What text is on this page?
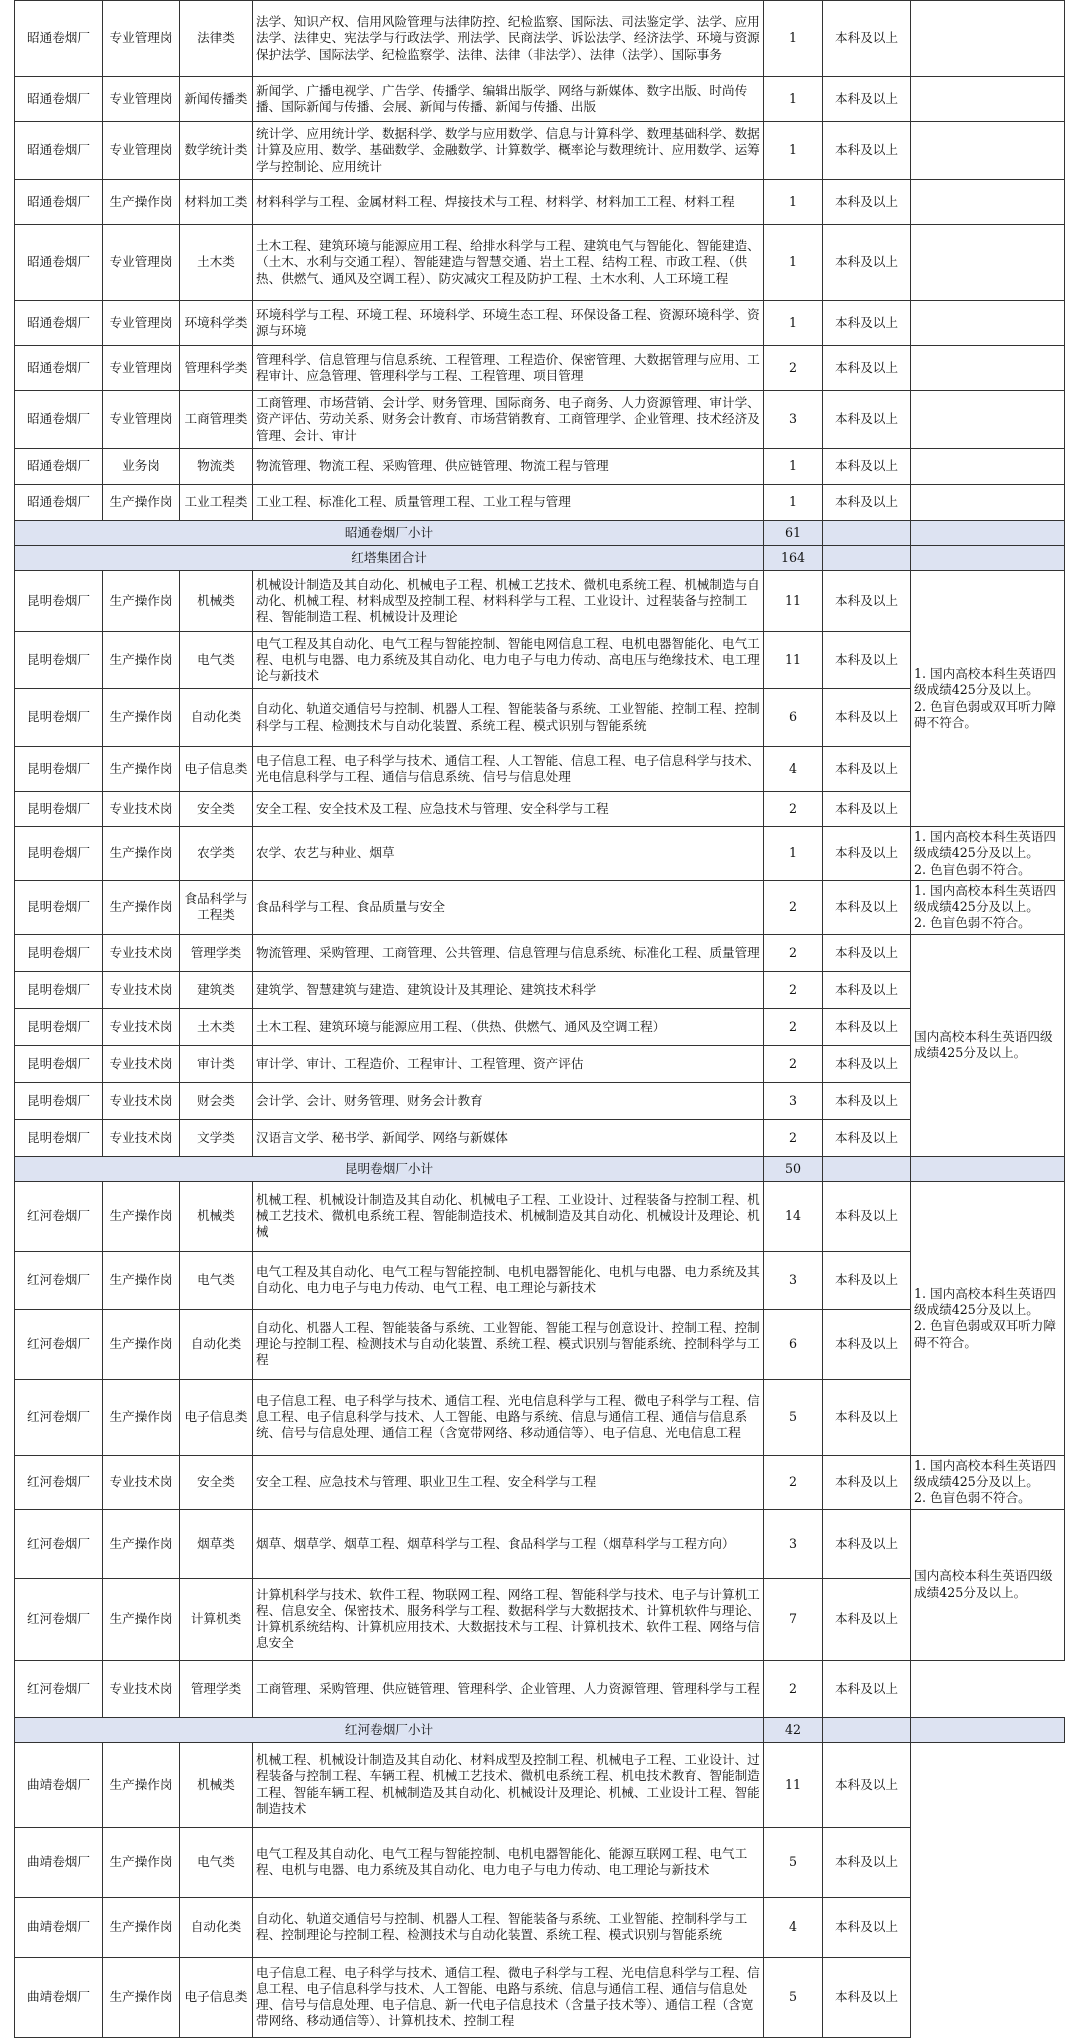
昭通卷烟厂	专业管理岗	法律类	法学、知识产权、信用风险管理与法律防控、纪检监察、国际法、司法鉴定学、法学、应用法学、法律史、宪法学与行政法学、刑法学、民商法学、诉讼法学、经济法学、环境与资源保护法学、国际法学、纪检监察学、法律、法律（非法学）、法律（法学）、国际事务	1	本科及以上	
昭通卷烟厂	专业管理岗	新闻传播类	新闻学、广播电视学、广告学、传播学、编辑出版学、网络与新媒体、数字出版、时尚传播、国际新闻与传播、会展、新闻与传播、新闻与传播、出版	1	本科及以上	
昭通卷烟厂	专业管理岗	数学统计类	统计学、应用统计学、数据科学、数学与应用数学、信息与计算科学、数理基础科学、数据计算及应用、数学、基础数学、金融数学、计算数学、概率论与数理统计、应用数学、运筹学与控制论、应用统计	1	本科及以上	
昭通卷烟厂	生产操作岗	材料加工类	材料科学与工程、金属材料工程、焊接技术与工程、材料学、材料加工工程、材料工程	1	本科及以上	
昭通卷烟厂	专业管理岗	土木类	土木工程、建筑环境与能源应用工程、给排水科学与工程、建筑电气与智能化、智能建造、（土木、水利与交通工程）、智能建造与智慧交通、岩土工程、结构工程、市政工程、（供热、供燃气、通风及空调工程）、防灾减灾工程及防护工程、土木水利、人工环境工程	1	本科及以上	
昭通卷烟厂	专业管理岗	环境科学类	环境科学与工程、环境工程、环境科学、环境生态工程、环保设备工程、资源环境科学、资源与环境	1	本科及以上	
昭通卷烟厂	专业管理岗	管理科学类	管理科学、信息管理与信息系统、工程管理、工程造价、保密管理、大数据管理与应用、工程审计、应急管理、管理科学与工程、工程管理、项目管理	2	本科及以上	
昭通卷烟厂	专业管理岗	工商管理类	工商管理、市场营销、会计学、财务管理、国际商务、电子商务、人力资源管理、审计学、资产评估、劳动关系、财务会计教育、市场营销教育、工商管理学、企业管理、技术经济及管理、会计、审计	3	本科及以上	
昭通卷烟厂	业务岗	物流类	物流管理、物流工程、采购管理、供应链管理、物流工程与管理	1	本科及以上	
昭通卷烟厂	生产操作岗	工业工程类	工业工程、标准化工程、质量管理工程、工业工程与管理	1	本科及以上	
昭通卷烟厂小计				61		
红塔集团合计				164		
昆明卷烟厂	生产操作岗	机械类	机械设计制造及其自动化、机械电子工程、机械工艺技术、微机电系统工程、机械制造与自动化、机械工程、材料成型及控制工程、材料科学与工程、工业设计、过程装备与控制工程、智能制造工程、机械设计及理论	11	本科及以上	1. 国内高校本科生英语四级成绩425分及以上。
2. 色盲色弱或双耳听力障碍不符合。

昆明卷烟厂	生产操作岗	电气类	电气工程及其自动化、电气工程与智能控制、智能电网信息工程、电机电器智能化、电气工程、电机与电器、电力系统及其自动化、电力电子与电力传动、高电压与绝缘技术、电工理论与新技术	11	本科及以上	
昆明卷烟厂	生产操作岗	自动化类	自动化、轨道交通信号与控制、机器人工程、智能装备与系统、工业智能、控制工程、控制科学与工程、检测技术与自动化装置、系统工程、模式识别与智能系统	6	本科及以上	
昆明卷烟厂	生产操作岗	电子信息类	电子信息工程、电子科学与技术、通信工程、人工智能、信息工程、电子信息科学与技术、光电信息科学与工程、通信与信息系统、信号与信息处理	4	本科及以上	
昆明卷烟厂	专业技术岗	安全类	安全工程、安全技术及工程、应急技术与管理、安全科学与工程	2	本科及以上	
昆明卷烟厂	生产操作岗	农学类	农学、农艺与种业、烟草	1	本科及以上	1. 国内高校本科生英语四级成绩425分及以上。
2. 色盲色弱不符合。

昆明卷烟厂	生产操作岗	食品科学与工程类	食品科学与工程、食品质量与安全	2	本科及以上	1. 国内高校本科生英语四级成绩425分及以上。
2. 色盲色弱不符合。

昆明卷烟厂	专业技术岗	管理学类	物流管理、采购管理、工商管理、公共管理、信息管理与信息系统、标准化工程、质量管理	2	本科及以上	国内高校本科生英语四级成绩425分及以上。

昆明卷烟厂	专业技术岗	建筑类	建筑学、智慧建筑与建造、建筑设计及其理论、建筑技术科学	2	本科及以上	
昆明卷烟厂	专业技术岗	土木类	土木工程、建筑环境与能源应用工程、（供热、供燃气、通风及空调工程）	2	本科及以上	
昆明卷烟厂	专业技术岗	审计类	审计学、审计、工程造价、工程审计、工程管理、资产评估	2	本科及以上	
昆明卷烟厂	专业技术岗	财会类	会计学、会计、财务管理、财务会计教育	3	本科及以上	
昆明卷烟厂	专业技术岗	文学类	汉语言文学、秘书学、新闻学、网络与新媒体	2	本科及以上	
昆明卷烟厂小计				50		
红河卷烟厂	生产操作岗	机械类	机械工程、机械设计制造及其自动化、机械电子工程、工业设计、过程装备与控制工程、机械工艺技术、微机电系统工程、智能制造技术、机械制造及其自动化、机械设计及理论、机械	14	本科及以上	1. 国内高校本科生英语四级成绩425分及以上。
2. 色盲色弱或双耳听力障碍不符合。

红河卷烟厂	生产操作岗	电气类	电气工程及其自动化、电气工程与智能控制、电机电器智能化、电机与电器、电力系统及其自动化、电力电子与电力传动、电气工程、电工理论与新技术	3	本科及以上	
红河卷烟厂	生产操作岗	自动化类	自动化、机器人工程、智能装备与系统、工业智能、智能工程与创意设计、控制工程、控制理论与控制工程、检测技术与自动化装置、系统工程、模式识别与智能系统、控制科学与工程	6	本科及以上	
红河卷烟厂	生产操作岗	电子信息类	电子信息工程、电子科学与技术、通信工程、光电信息科学与工程、微电子科学与工程、信息工程、电子信息科学与技术、人工智能、电路与系统、信息与通信工程、通信与信息系统、信号与信息处理、通信工程（含宽带网络、移动通信等）、电子信息、光电信息工程	5	本科及以上	
红河卷烟厂	专业技术岗	安全类	安全工程、应急技术与管理、职业卫生工程、安全科学与工程	2	本科及以上	1. 国内高校本科生英语四级成绩425分及以上。
2. 色盲色弱不符合。

红河卷烟厂	生产操作岗	烟草类	烟草、烟草学、烟草工程、烟草科学与工程、食品科学与工程（烟草科学与工程方向）	3	本科及以上	国内高校本科生英语四级成绩425分及以上。

红河卷烟厂	生产操作岗	计算机类	计算机科学与技术、软件工程、物联网工程、网络工程、智能科学与技术、电子与计算机工程、信息安全、保密技术、服务科学与工程、数据科学与大数据技术、计算机软件与理论、计算机系统结构、计算机应用技术、大数据技术与工程、计算机技术、软件工程、网络与信息安全	7	本科及以上	
红河卷烟厂	专业技术岗	管理学类	工商管理、采购管理、供应链管理、管理科学、企业管理、人力资源管理、管理科学与工程	2	本科及以上	
红河卷烟厂小计				42		
曲靖卷烟厂	生产操作岗	机械类	机械工程、机械设计制造及其自动化、材料成型及控制工程、机械电子工程、工业设计、过程装备与控制工程、车辆工程、机械工艺技术、微机电系统工程、机电技术教育、智能制造工程、智能车辆工程、机械制造及其自动化、机械设计及理论、机械、工业设计工程、智能制造技术	11	本科及以上	
曲靖卷烟厂	生产操作岗	电气类	电气工程及其自动化、电气工程与智能控制、电机电器智能化、能源互联网工程、电气工程、电机与电器、电力系统及其自动化、电力电子与电力传动、电工理论与新技术	5	本科及以上	
曲靖卷烟厂	生产操作岗	自动化类	自动化、轨道交通信号与控制、机器人工程、智能装备与系统、工业智能、控制科学与工程、控制理论与控制工程、检测技术与自动化装置、系统工程、模式识别与智能系统	4	本科及以上	
曲靖卷烟厂	生产操作岗	电子信息类	电子信息工程、电子科学与技术、通信工程、微电子科学与工程、光电信息科学与工程、信息工程、电子信息科学与技术、人工智能、电路与系统、信息与通信工程、通信与信息处理、信号与信息处理、电子信息、新一代电子信息技术（含量子技术等）、通信工程（含宽带网络、移动通信等）、计算机技术、控制工程	5	本科及以上	
